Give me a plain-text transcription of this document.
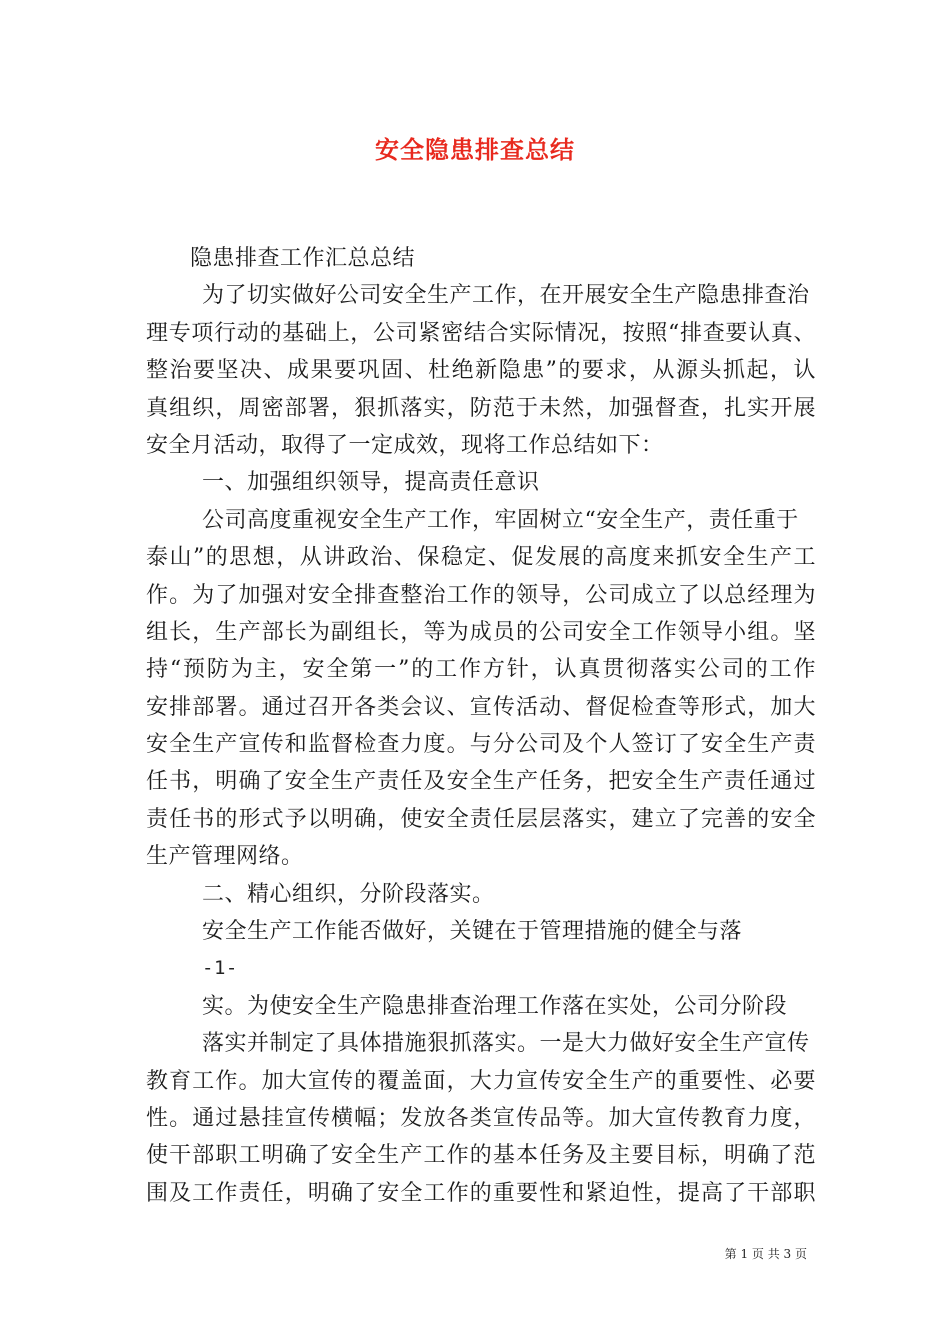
安全隐患排查总结
隐患排查工作汇总总结
为了切实做好公司安全生产工作，在开展安全生产隐患排查治
理专项行动的基础上，公司紧密结合实际情况，按照“排查要认真、
整治要坚决、成果要巩固、杜绝新隐患”的要求，从源头抓起，认
真组织，周密部署，狠抓落实，防范于未然，加强督查，扎实开展
安全月活动，取得了一定成效，现将工作总结如下：
一、加强组织领导，提高责任意识
公司高度重视安全生产工作，牢固树立“安全生产，责任重于
泰山”的思想，从讲政治、保稳定、促发展的高度来抓安全生产工
作。为了加强对安全排查整治工作的领导，公司成立了以总经理为
组长，生产部长为副组长，等为成员的公司安全工作领导小组。坚
持“预防为主，安全第一”的工作方针，认真贯彻落实公司的工作
安排部署。通过召开各类会议、宣传活动、督促检查等形式，加大
安全生产宣传和监督检查力度。与分公司及个人签订了安全生产责
任书，明确了安全生产责任及安全生产任务，把安全生产责任通过
责任书的形式予以明确，使安全责任层层落实，建立了完善的安全
生产管理网络。
二、精心组织，分阶段落实。
安全生产工作能否做好，关键在于管理措施的健全与落
-1-
实。为使安全生产隐患排查治理工作落在实处，公司分阶段
落实并制定了具体措施狠抓落实。一是大力做好安全生产宣传
教育工作。加大宣传的覆盖面，大力宣传安全生产的重要性、必要
性。通过悬挂宣传横幅；发放各类宣传品等。加大宣传教育力度，
使干部职工明确了安全生产工作的基本任务及主要目标，明确了范
围及工作责任，明确了安全工作的重要性和紧迫性，提高了干部职
第 1 页 共 3 页
